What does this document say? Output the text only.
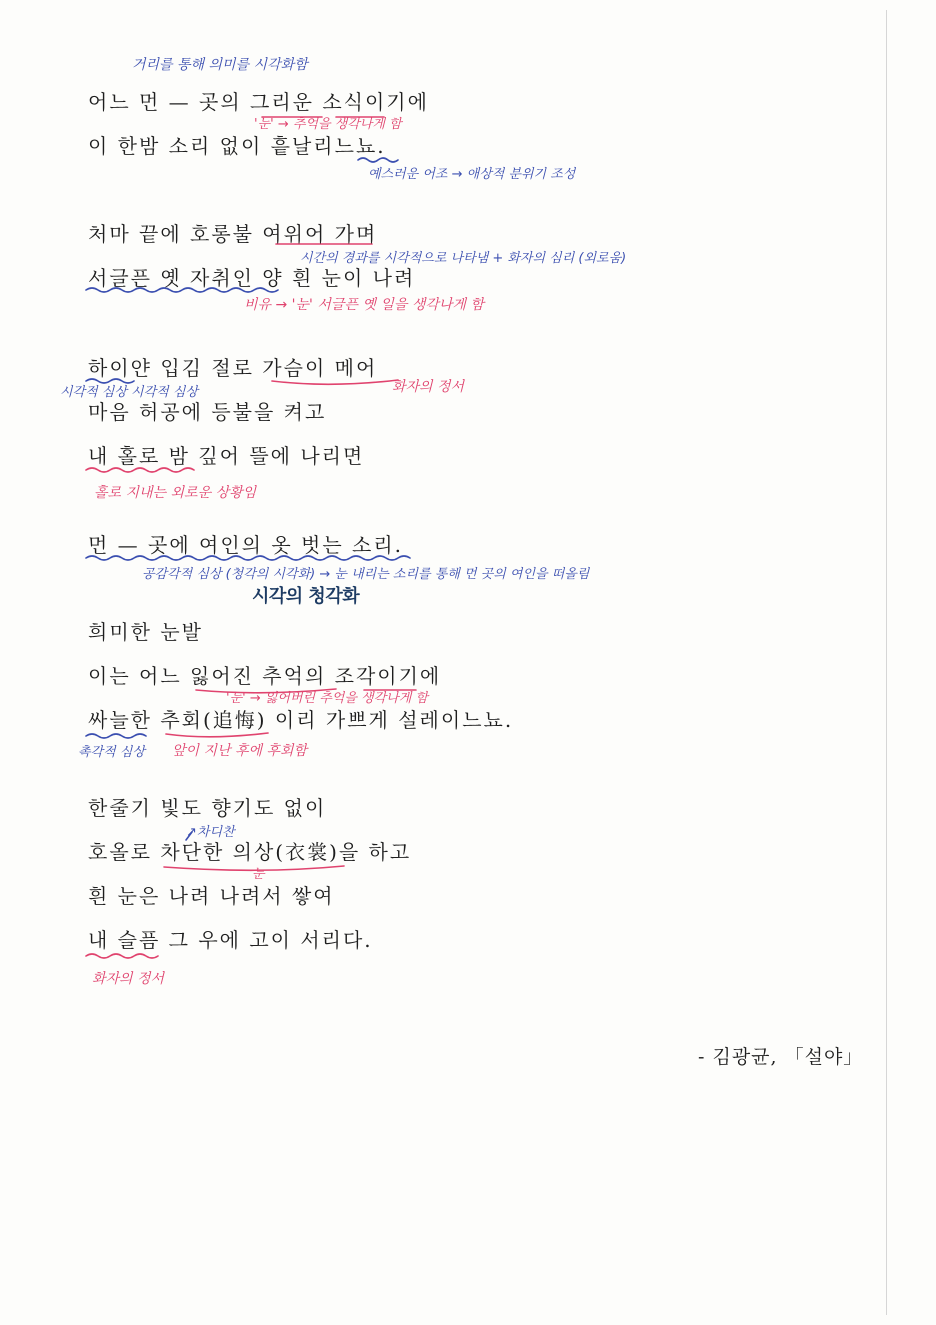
어느 먼 — 곳의 그리운 소식이기에
이 한밤 소리 없이 흩날리느뇨.
처마 끝에 호롱불 여위어 가며
서글픈 옛 자취인 양 흰 눈이 나려
하이얀 입김 절로 가슴이 메어
마음 허공에 등불을 켜고
내 홀로 밤 깊어 뜰에 나리면
먼 — 곳에 여인의 옷 벗는 소리.
희미한 눈발
이는 어느 잃어진 추억의 조각이기에
싸늘한 추회(追悔) 이리 가쁘게 설레이느뇨.
한줄기 빛도 향기도 없이
호올로 차단한 의상(衣裳)을 하고
흰 눈은 나려 나려서 쌓여
내 슬픔 그 우에 고이 서리다.
거리를 통해 의미를 시각화함
'눈' → 추억을 생각나게 함
예스러운 어조 → 애상적 분위기 조성
시간의 경과를 시각적으로 나타냄 + 화자의 심리 (외로움)
비유 → '눈' 서글픈 옛 일을 생각나게 함
화자의 정서
시각적 심상 시각적 심상
홀로 지내는 외로운 상황임
공감각적 심상 (청각의 시각화) → 눈 내리는 소리를 통해 먼 곳의 여인을 떠올림
시각의 청각화
'눈' → 잃어버린 추억을 생각나게 함
촉각적 심상 앞이 지난 후에 후회함
↗차디찬
눈
화자의 정서
- 김광균, 「설야」
